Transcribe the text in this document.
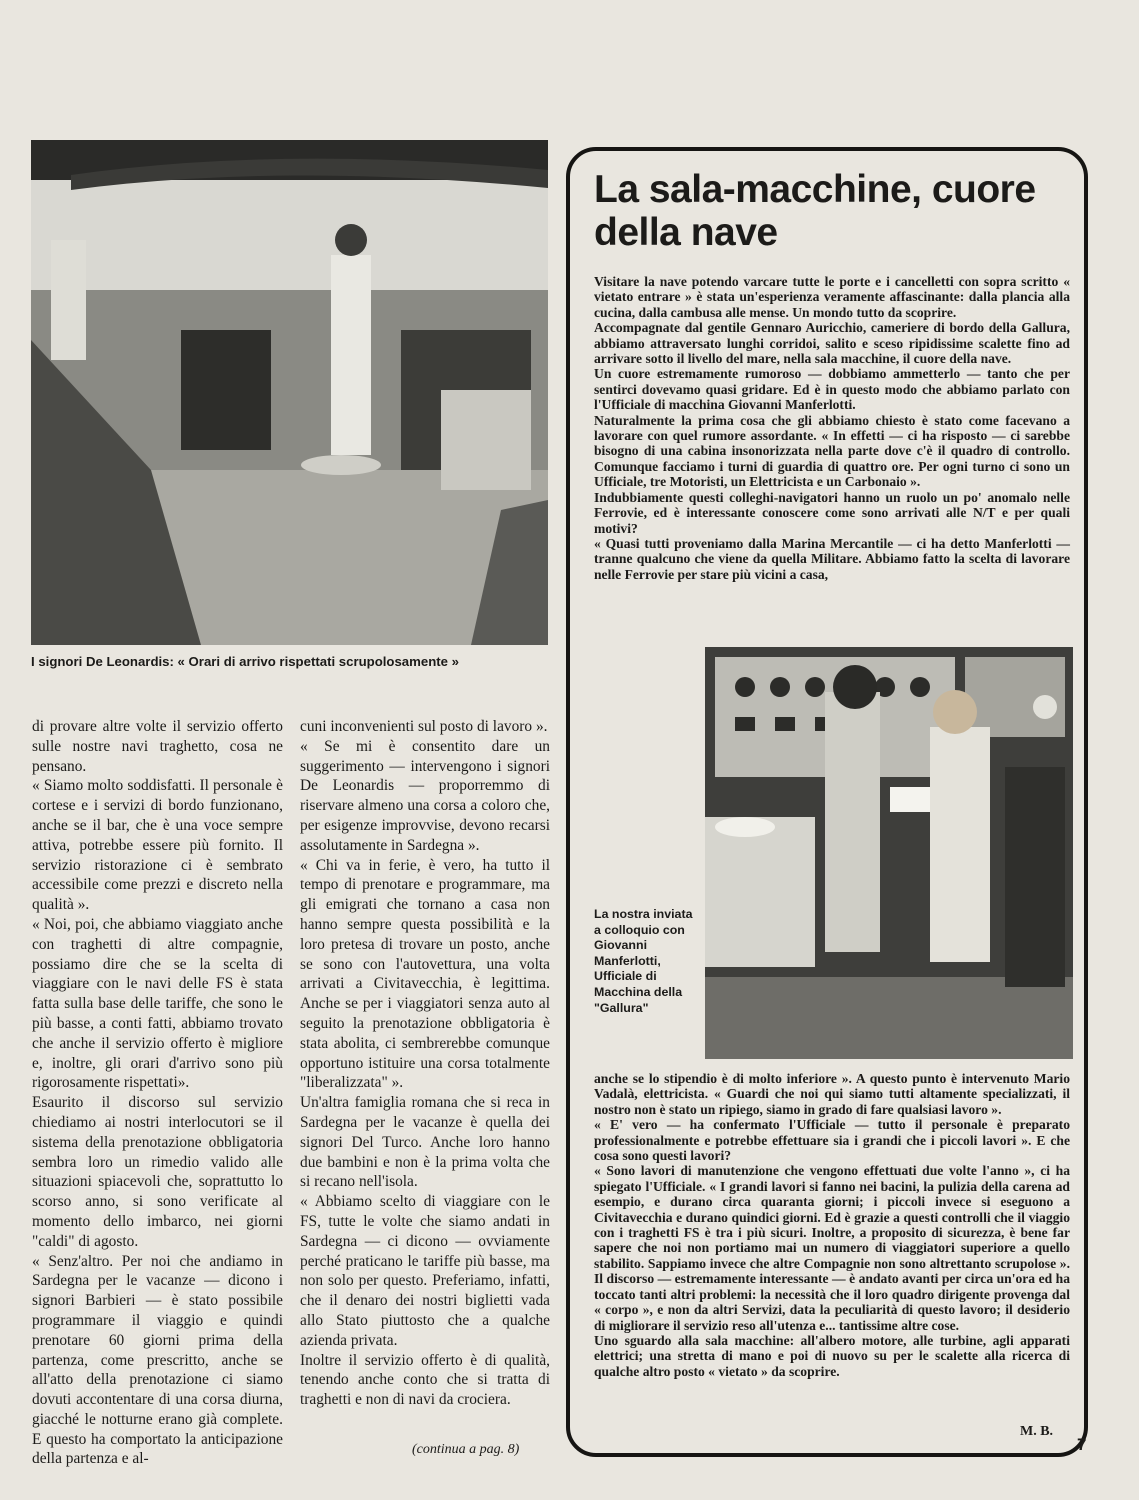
I signori De Leonardis: « Orari di arrivo rispettati scrupolosamente »

di provare altre volte il servizio offerto sulle nostre navi traghetto, cosa ne pensano.

« Siamo molto soddisfatti. Il personale è cortese e i servizi di bordo funzionano, anche se il bar, che è una voce sempre attiva, potrebbe essere più fornito. Il servizio ristorazione ci è sembrato accessibile come prezzi e discreto nella qualità ».

« Noi, poi, che abbiamo viaggiato anche con traghetti di altre compagnie, possiamo dire che se la scelta di viaggiare con le navi delle FS è stata fatta sulla base delle tariffe, che sono le più basse, a conti fatti, abbiamo trovato che anche il servizio offerto è migliore e, inoltre, gli orari d'arrivo sono più rigorosamente rispettati».

Esaurito il discorso sul servizio chiediamo ai nostri interlocutori se il sistema della prenotazione obbligatoria sembra loro un rimedio valido alle situazioni spiacevoli che, soprattutto lo scorso anno, si sono verificate al momento dello imbarco, nei giorni "caldi" di agosto.

« Senz'altro. Per noi che andiamo in Sardegna per le vacanze — dicono i signori Barbieri — è stato possibile programmare il viaggio e quindi prenotare 60 giorni prima della partenza, come prescritto, anche se all'atto della prenotazione ci siamo dovuti accontentare di una corsa diurna, giacché le notturne erano già complete. E questo ha comportato la anticipazione della partenza e al-

cuni inconvenienti sul posto di lavoro ».

« Se mi è consentito dare un suggerimento — intervengono i signori De Leonardis — proporremmo di riservare almeno una corsa a coloro che, per esigenze improvvise, devono recarsi assolutamente in Sardegna ».

« Chi va in ferie, è vero, ha tutto il tempo di prenotare e programmare, ma gli emigrati che tornano a casa non hanno sempre questa possibilità e la loro pretesa di trovare un posto, anche se sono con l'autovettura, una volta arrivati a Civitavecchia, è legittima. Anche se per i viaggiatori senza auto al seguito la prenotazione obbligatoria è stata abolita, ci sembrerebbe comunque opportuno istituire una corsa totalmente "liberalizzata" ».

Un'altra famiglia romana che si reca in Sardegna per le vacanze è quella dei signori Del Turco. Anche loro hanno due bambini e non è la prima volta che si recano nell'isola.

« Abbiamo scelto di viaggiare con le FS, tutte le volte che siamo andati in Sardegna — ci dicono — ovviamente perché praticano le tariffe più basse, ma non solo per questo. Preferiamo, infatti, che il denaro dei nostri biglietti vada allo Stato piuttosto che a qualche azienda privata.

Inoltre il servizio offerto è di qualità, tenendo anche conto che si tratta di traghetti e non di navi da crociera.

(continua a pag. 8)
La sala-macchine, cuore della nave

Visitare la nave potendo varcare tutte le porte e i cancelletti con sopra scritto « vietato entrare » è stata un'esperienza veramente affascinante: dalla plancia alla cucina, dalla cambusa alle mense. Un mondo tutto da scoprire.

Accompagnate dal gentile Gennaro Auricchio, cameriere di bordo della Gallura, abbiamo attraversato lunghi corridoi, salito e sceso ripidissime scalette fino ad arrivare sotto il livello del mare, nella sala macchine, il cuore della nave.

Un cuore estremamente rumoroso — dobbiamo ammetterlo — tanto che per sentirci dovevamo quasi gridare. Ed è in questo modo che abbiamo parlato con l'Ufficiale di macchina Giovanni Manferlotti.

Naturalmente la prima cosa che gli abbiamo chiesto è stato come facevano a lavorare con quel rumore assordante. « In effetti — ci ha risposto — ci sarebbe bisogno di una cabina insonorizzata nella parte dove c'è il quadro di controllo. Comunque facciamo i turni di guardia di quattro ore. Per ogni turno ci sono un Ufficiale, tre Motoristi, un Elettricista e un Carbonaio ».

Indubbiamente questi colleghi-navigatori hanno un ruolo un po' anomalo nelle Ferrovie, ed è interessante conoscere come sono arrivati alle N/T e per quali motivi?

« Quasi tutti proveniamo dalla Marina Mercantile — ci ha detto Manferlotti — tranne qualcuno che viene da quella Militare. Abbiamo fatto la scelta di lavorare nelle Ferrovie per stare più vicini a casa,

La nostra inviata a colloquio con Giovanni Manferlotti, Ufficiale di Macchina della "Gallura"

anche se lo stipendio è di molto inferiore ». A questo punto è intervenuto Mario Vadalà, elettricista. « Guardi che noi qui siamo tutti altamente specializzati, il nostro non è stato un ripiego, siamo in grado di fare qualsiasi lavoro ».

« E' vero — ha confermato l'Ufficiale — tutto il personale è preparato professionalmente e potrebbe effettuare sia i grandi che i piccoli lavori ». E che cosa sono questi lavori?

« Sono lavori di manutenzione che vengono effettuati due volte l'anno », ci ha spiegato l'Ufficiale. « I grandi lavori si fanno nei bacini, la pulizia della carena ad esempio, e durano circa quaranta giorni; i piccoli invece si eseguono a Civitavecchia e durano quindici giorni. Ed è grazie a questi controlli che il viaggio con i traghetti FS è tra i più sicuri. Inoltre, a proposito di sicurezza, è bene far sapere che noi non portiamo mai un numero di viaggiatori superiore a quello stabilito. Sappiamo invece che altre Compagnie non sono altrettanto scrupolose ». Il discorso — estremamente interessante — è andato avanti per circa un'ora ed ha toccato tanti altri problemi: la necessità che il loro quadro dirigente provenga dal « corpo », e non da altri Servizi, data la peculiarità di questo lavoro; il desiderio di migliorare il servizio reso all'utenza e... tantissime altre cose.

Uno sguardo alla sala macchine: all'albero motore, alle turbine, agli apparati elettrici; una stretta di mano e poi di nuovo su per le scalette alla ricerca di qualche altro posto « vietato » da scoprire.

M. B.
7
